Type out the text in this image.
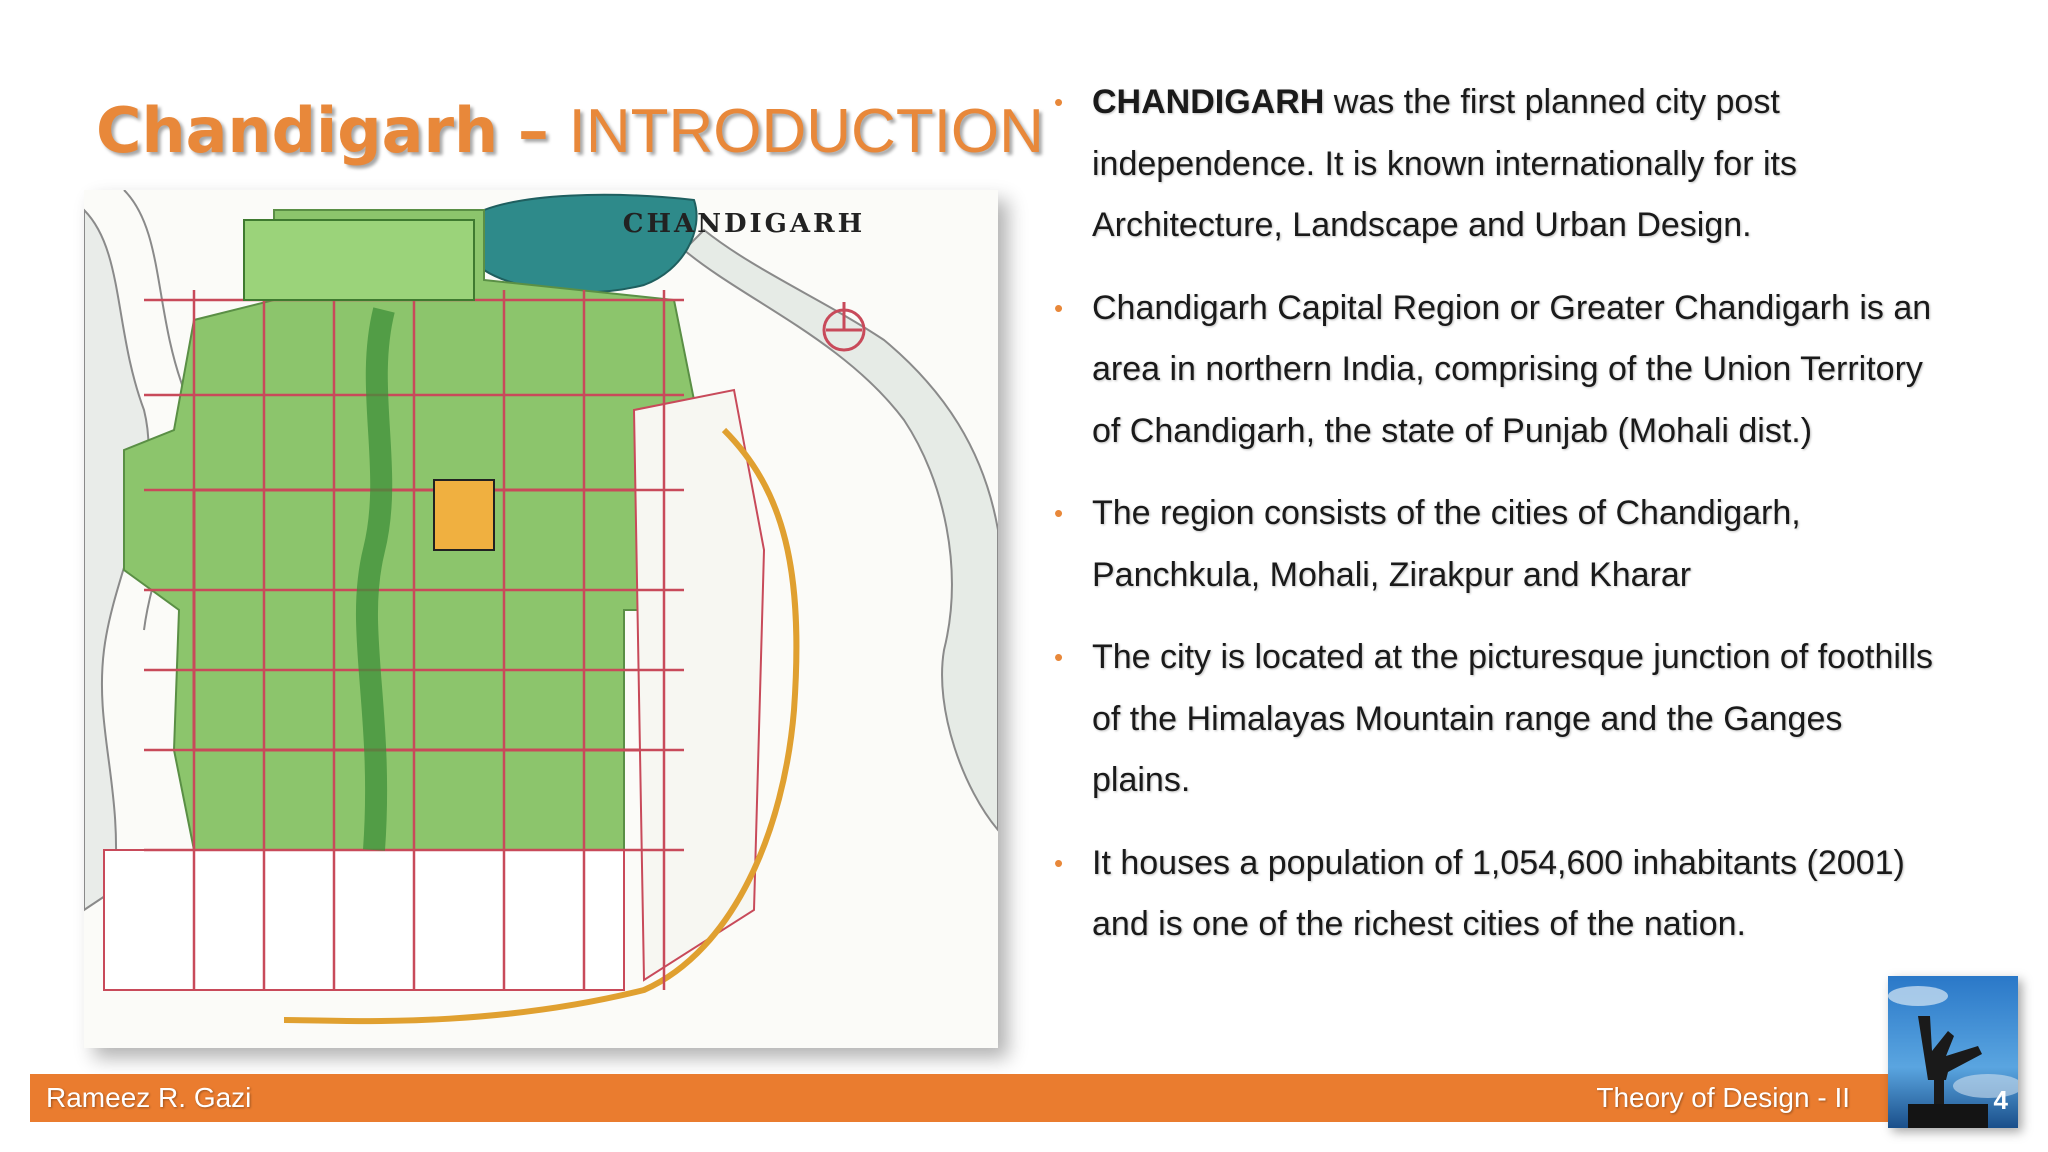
Chandigarh – INTRODUCTION
CHANDIGARH
• CHANDIGARH was the first planned city post independence. It is known internationally for its Architecture, Landscape and Urban Design.
• Chandigarh Capital Region or Greater Chandigarh is an area in northern India, comprising of the Union Territory of Chandigarh, the state of Punjab (Mohali dist.)
• The region consists of the cities of Chandigarh, Panchkula, Mohali, Zirakpur and Kharar
• The city is located at the picturesque junction of foothills of the Himalayas Mountain range and the Ganges plains.
• It houses a population of 1,054,600 inhabitants (2001) and is one of the richest cities of the nation.
Rameez R. Gazi	Theory of Design - II	4
